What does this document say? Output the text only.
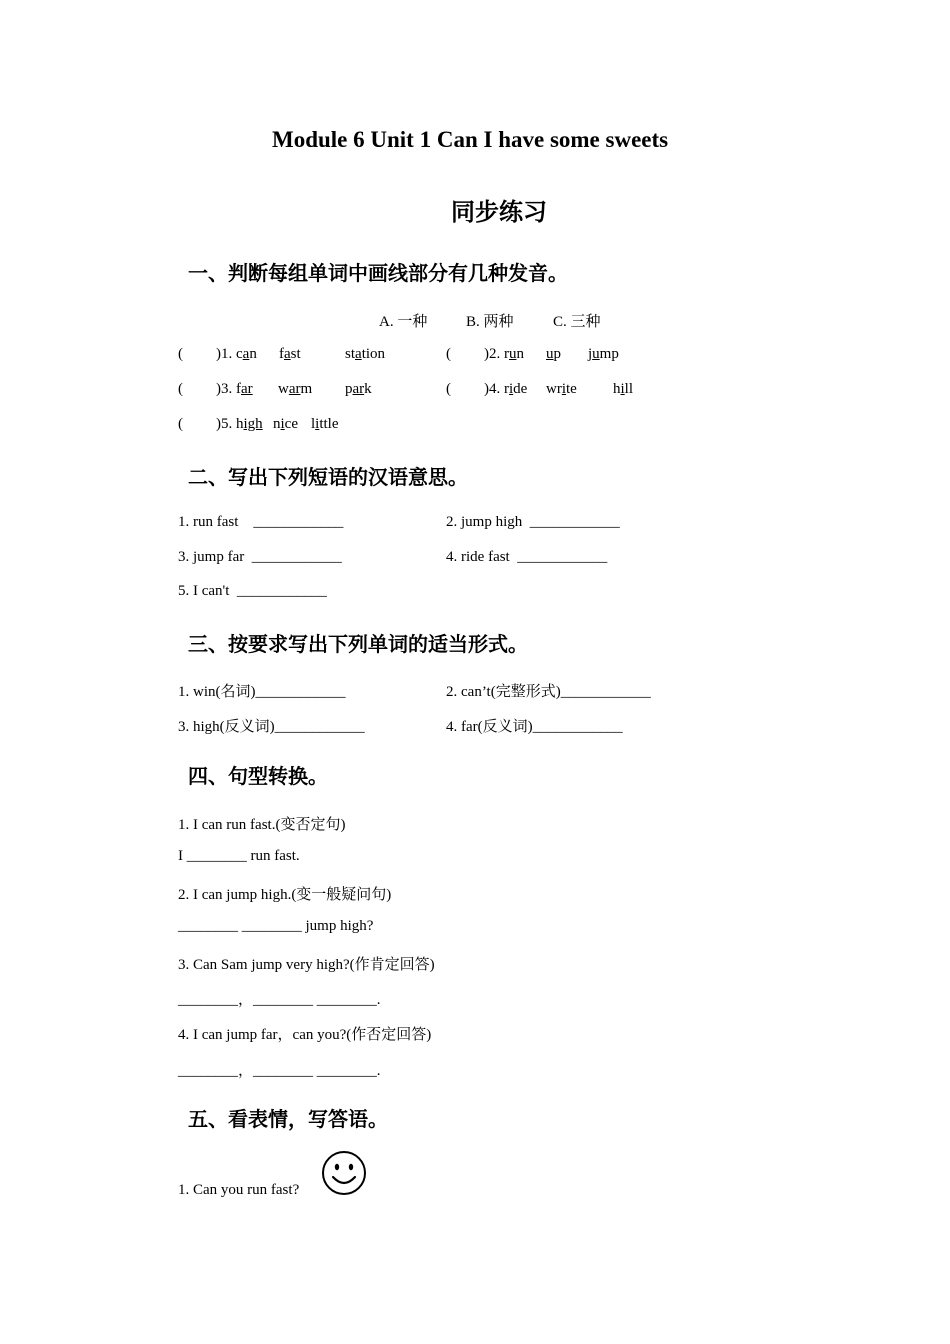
Module 6 Unit 1 Can I have some sweets
同步练习
一、判断每组单词中画线部分有几种发音。
A. 一种	B. 两种	C. 三种
( )1. can fast	station	( )2. run up jump
( )3. far warm park	( )4. ride write hill
( )5. high nice little
二、写出下列短语的汉语意思。
1. run fast    ____________	2. jump high  ____________
3. jump far  ____________	4. ride fast  ____________
5. I can't  ____________
三、按要求写出下列单词的适当形式。
1. win(名词)____________	2. can’t(完整形式)____________
3. high(反义词)____________	4. far(反义词)____________
四、句型转换。
1. I can run fast.(变否定句)
I ________ run fast.
2. I can jump high.(变一般疑问句)
________ ________ jump high?
3. Can Sam jump very high?(作肯定回答)
________，________ ________.
4. I can jump far，can you?(作否定回答)
________，________ ________.
五、看表情，写答语。
1. Can you run fast?
